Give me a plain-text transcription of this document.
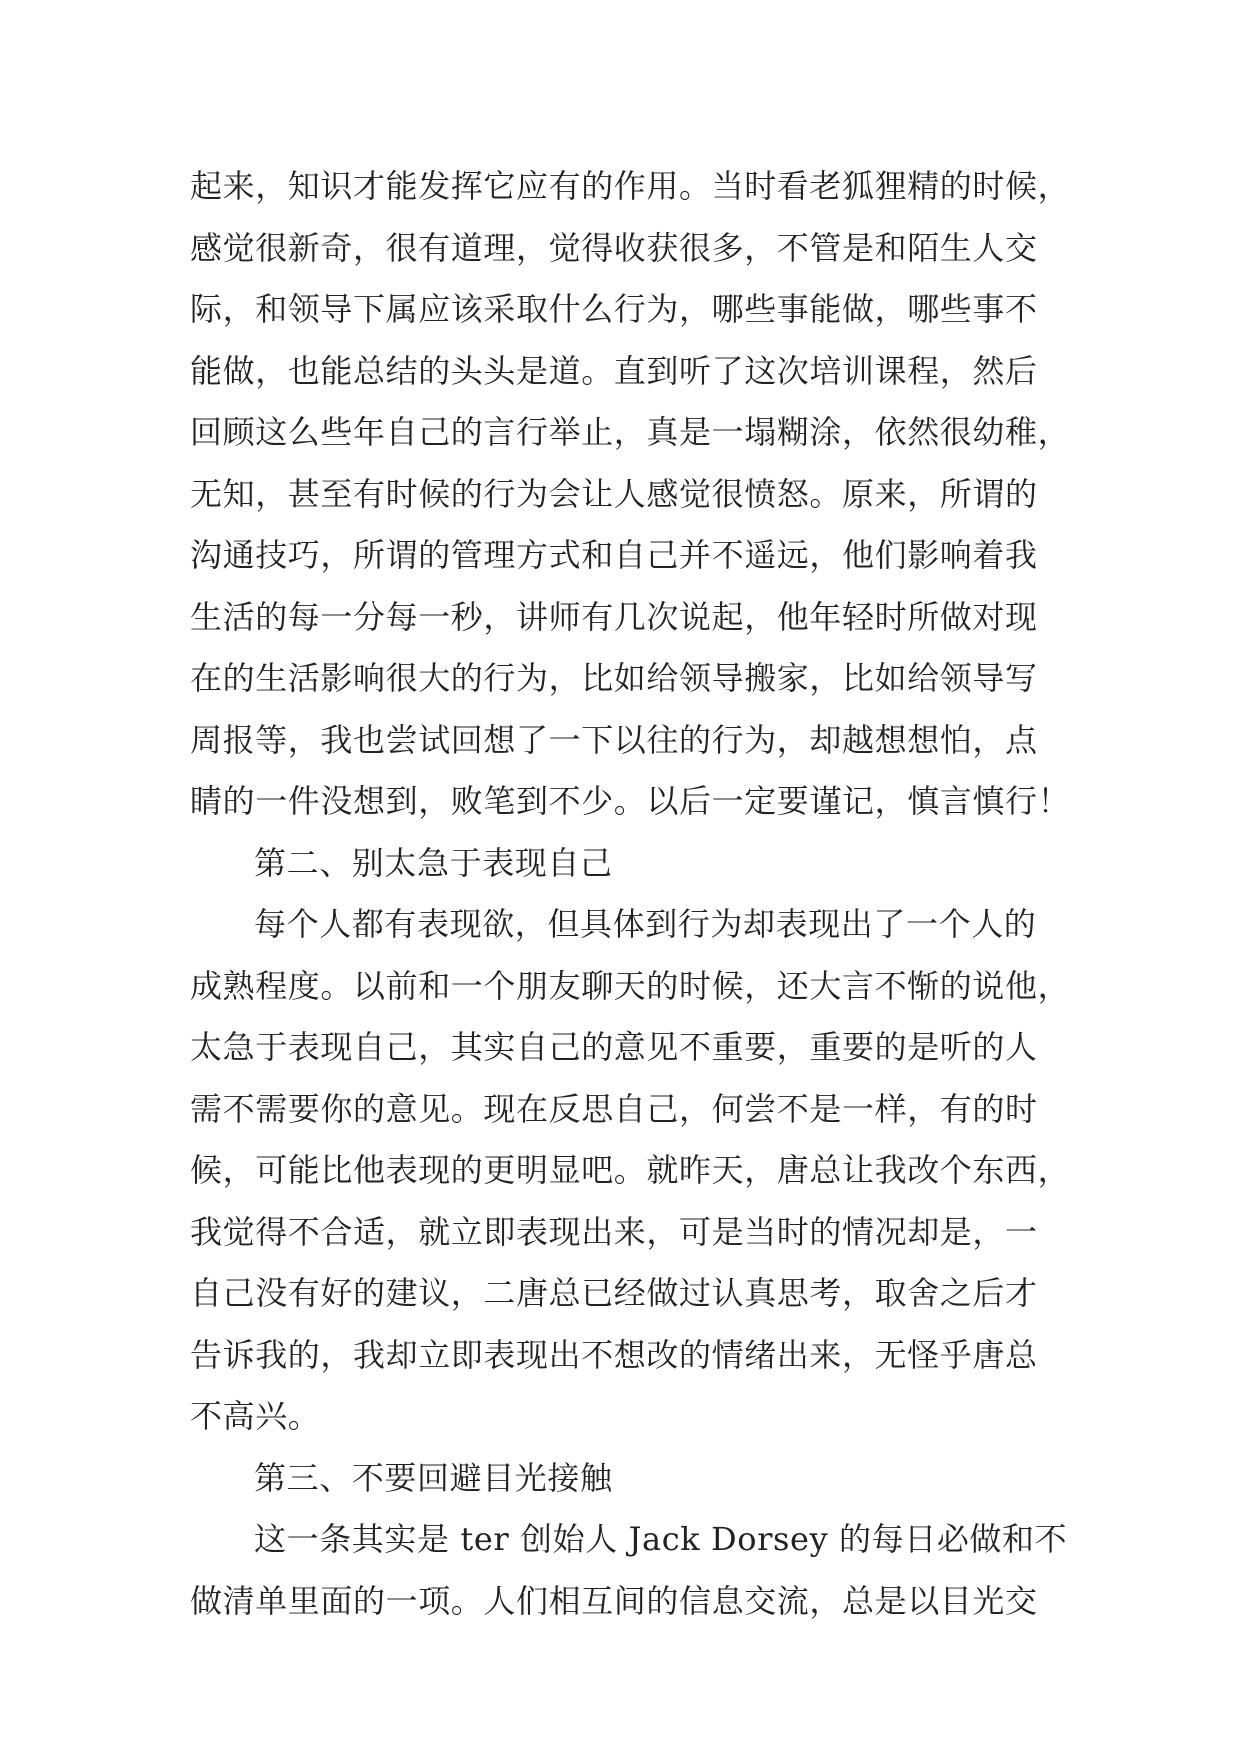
起来，知识才能发挥它应有的作用。当时看老狐狸精的时候，
感觉很新奇，很有道理，觉得收获很多，不管是和陌生人交
际，和领导下属应该采取什么行为，哪些事能做，哪些事不
能做，也能总结的头头是道。直到听了这次培训课程，然后
回顾这么些年自己的言行举止，真是一塌糊涂，依然很幼稚，
无知，甚至有时候的行为会让人感觉很愤怒。原来，所谓的
沟通技巧，所谓的管理方式和自己并不遥远，他们影响着我
生活的每一分每一秒，讲师有几次说起，他年轻时所做对现
在的生活影响很大的行为，比如给领导搬家，比如给领导写
周报等，我也尝试回想了一下以往的行为，却越想想怕，点
睛的一件没想到，败笔到不少。以后一定要谨记，慎言慎行！
第二、别太急于表现自己
每个人都有表现欲，但具体到行为却表现出了一个人的
成熟程度。以前和一个朋友聊天的时候，还大言不惭的说他，
太急于表现自己，其实自己的意见不重要，重要的是听的人
需不需要你的意见。现在反思自己，何尝不是一样，有的时
候，可能比他表现的更明显吧。就昨天，唐总让我改个东西，
我觉得不合适，就立即表现出来，可是当时的情况却是，一
自己没有好的建议，二唐总已经做过认真思考，取舍之后才
告诉我的，我却立即表现出不想改的情绪出来，无怪乎唐总
不高兴。
第三、不要回避目光接触
这一条其实是 ter 创始人 Jack Dorsey 的每日必做和不
做清单里面的一项。人们相互间的信息交流，总是以目光交
